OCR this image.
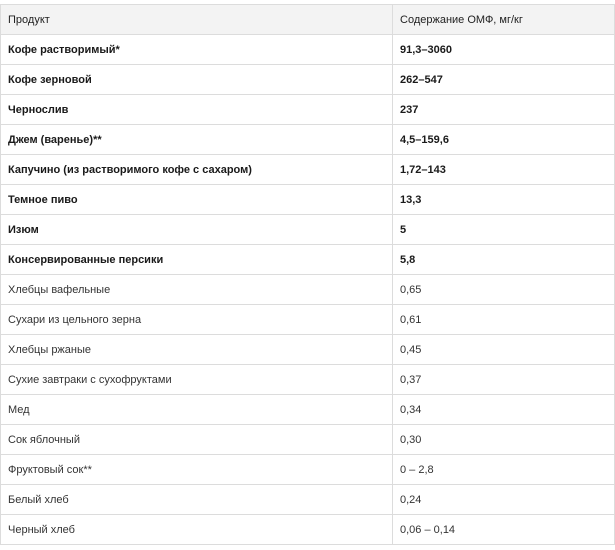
Продукт	Содержание ОМФ, мг/кг
Кофе растворимый*	91,3–3060
Кофе зерновой	262–547
Чернослив	237
Джем (варенье)**	4,5–159,6
Капучино (из растворимого кофе с сахаром)	1,72–143
Темное пиво	13,3
Изюм	5
Консервированные персики	5,8
Хлебцы вафельные	0,65
Сухари из цельного зерна	0,61
Хлебцы ржаные	0,45
Сухие завтраки с сухофруктами	0,37
Мед	0,34
Сок яблочный	0,30
Фруктовый сок**	0 – 2,8
Белый хлеб	0,24
Черный хлеб	0,06 – 0,14
